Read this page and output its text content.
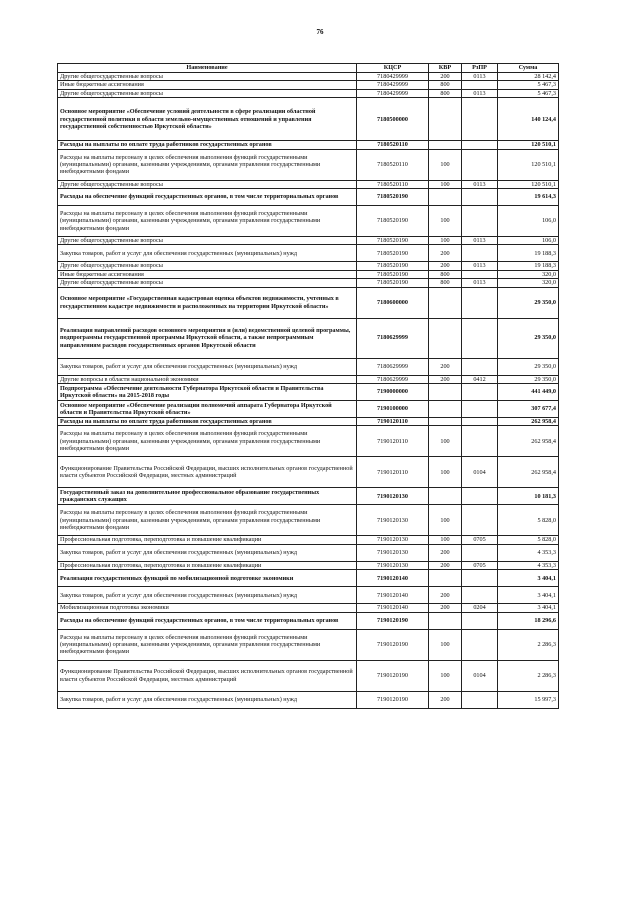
76
Наименование	КЦСР	КВР	РзПР	Сумма
Другие общегосударственные вопросы	7180429999	200	0113	28 142,4
Иные бюджетные ассигнования	7180429999	800		5 467,3
Другие общегосударственные вопросы	7180429999	800	0113	5 467,3
Основное мероприятие «Обеспечение условий деятельности в сфере реализации областной государственной политики в области земельно-имущественных отношений и управления государственной собственностью Иркутской области»	7180500000			140 124,4
Расходы на выплаты по оплате труда работников государственных органов	7180520110			120 510,1
Расходы на выплаты персоналу в целях обеспечения выполнения функций государственными (муниципальными) органами, казенными учреждениями, органами управления государственными внебюджетными фондами	7180520110	100		120 510,1
Другие общегосударственные вопросы	7180520110	100	0113	120 510,1
Расходы на обеспечение функций государственных органов, в том числе территориальных органов	7180520190			19 614,3
Расходы на выплаты персоналу в целях обеспечения выполнения функций государственными (муниципальными) органами, казенными учреждениями, органами управления государственными внебюджетными фондами	7180520190	100		106,0
Другие общегосударственные вопросы	7180520190	100	0113	106,0
Закупка товаров, работ и услуг для обеспечения государственных (муниципальных) нужд	7180520190	200		19 188,3
Другие общегосударственные вопросы	7180520190	200	0113	19 188,3
Иные бюджетные ассигнования	7180520190	800		320,0
Другие общегосударственные вопросы	7180520190	800	0113	320,0
Основное мероприятие «Государственная кадастровая оценка объектов недвижимости, учтенных в государственном кадастре недвижимости и расположенных на территории Иркутской области»	7180600000			29 350,0
Реализация направлений расходов основного мероприятия и (или) ведомственной целевой программы, подпрограммы государственной программы Иркутской области, а также непрограммным направлениям расходов государственных органов Иркутской области	7180629999			29 350,0
Закупка товаров, работ и услуг для обеспечения государственных (муниципальных) нужд	7180629999	200		29 350,0
Другие вопросы в области национальной экономики	7180629999	200	0412	29 350,0
Подпрограмма «Обеспечение деятельности Губернатора Иркутской области и Правительства Иркутской области» на 2015-2018 годы	7190000000			441 449,0
Основное мероприятие «Обеспечение реализации полномочий аппарата Губернатора Иркутской области и Правительства Иркутской области»	7190100000			307 677,4
Расходы на выплаты по оплате труда работников государственных органов	7190120110			262 958,4
Расходы на выплаты персоналу в целях обеспечения выполнения функций государственными (муниципальными) органами, казенными учреждениями, органами управления государственными внебюджетными фондами	7190120110	100		262 958,4
Функционирование Правительства Российской Федерации, высших исполнительных органов государственной власти субъектов Российской Федерации, местных администраций	7190120110	100	0104	262 958,4
Государственный заказ на дополнительное профессиональное образование государственных гражданских служащих	7190120130			10 181,3
Расходы на выплаты персоналу в целях обеспечения выполнения функций государственными (муниципальными) органами, казенными учреждениями, органами управления государственными внебюджетными фондами	7190120130	100		5 828,0
Профессиональная подготовка, переподготовка и повышение квалификации	7190120130	100	0705	5 828,0
Закупка товаров, работ и услуг для обеспечения государственных (муниципальных) нужд	7190120130	200		4 353,3
Профессиональная подготовка, переподготовка и повышение квалификации	7190120130	200	0705	4 353,3
Реализация государственных функций по мобилизационной подготовке экономики	7190120140			3 404,1
Закупка товаров, работ и услуг для обеспечения государственных (муниципальных) нужд	7190120140	200		3 404,1
Мобилизационная подготовка экономики	7190120140	200	0204	3 404,1
Расходы на обеспечение функций государственных органов, в том числе территориальных органов	7190120190			18 296,6
Расходы на выплаты персоналу в целях обеспечения выполнения функций государственными (муниципальными) органами, казенными учреждениями, органами управления государственными внебюджетными фондами	7190120190	100		2 286,3
Функционирование Правительства Российской Федерации, высших исполнительных органов государственной власти субъектов Российской Федерации, местных администраций	7190120190	100	0104	2 286,3
Закупка товаров, работ и услуг для обеспечения государственных (муниципальных) нужд	7190120190	200		15 997,3
